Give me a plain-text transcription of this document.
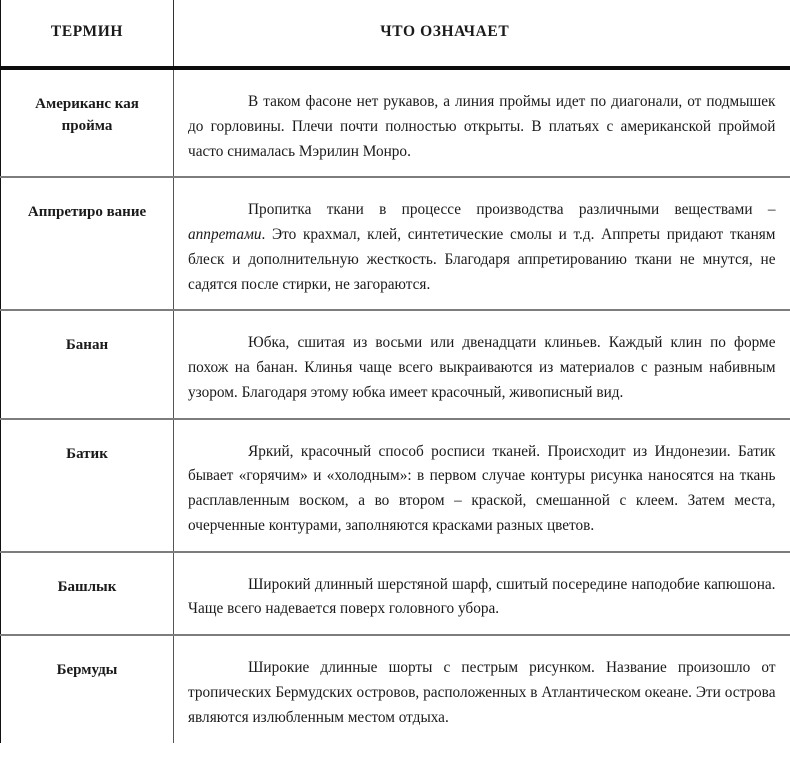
ТЕРМИН	ЧТО ОЗНАЧАЕТ

Американс кая пройма	В таком фасоне нет рукавов, а линия проймы идет по диагонали, от подмышек до горловины. Плечи почти полностью открыты. В платьях с американской проймой часто снималась Мэрилин Монро.

Аппретиро вание	Пропитка ткани в процессе производства различными веществами – аппретами. Это крахмал, клей, синтетические смолы и т.д. Аппреты придают тканям блеск и дополнительную жесткость. Благодаря аппретированию ткани не мнутся, не садятся после стирки, не загораются.

Банан	Юбка, сшитая из восьми или двенадцати клиньев. Каждый клин по форме похож на банан. Клинья чаще всего выкраиваются из материалов с разным набивным узором. Благодаря этому юбка имеет красочный, живописный вид.

Батик	Яркий, красочный способ росписи тканей. Происходит из Индонезии. Батик бывает «горячим» и «холодным»: в первом случае контуры рисунка наносятся на ткань расплавленным воском, а во втором – краской, смешанной с клеем. Затем места, очерченные контурами, заполняются красками разных цветов.

Башлык	Широкий длинный шерстяной шарф, сшитый посередине наподобие капюшона. Чаще всего надевается поверх головного убора.

Бермуды	Широкие длинные шорты с пестрым рисунком. Название произошло от тропических Бермудских островов, расположенных в Атлантическом океане. Эти острова являются излюбленным местом отдыха.
